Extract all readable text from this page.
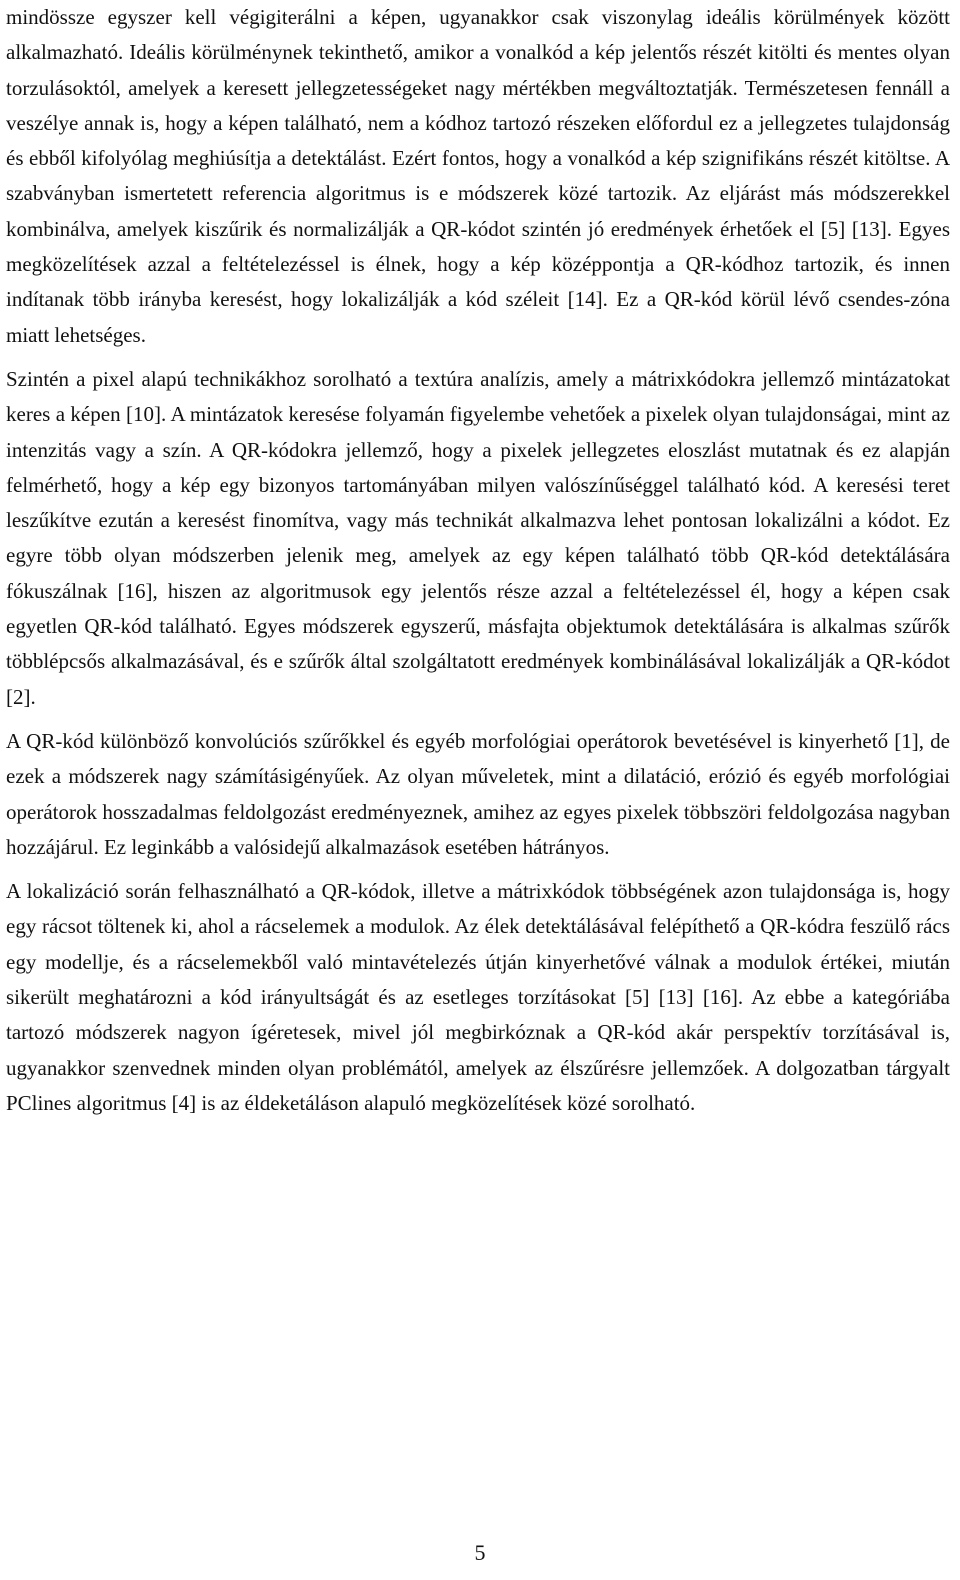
mindössze egyszer kell végigiterálni a képen, ugyanakkor csak viszonylag ideális körülmények között alkalmazható. Ideális körülménynek tekinthető, amikor a vonalkód a kép jelentős részét kitölti és mentes olyan torzulásoktól, amelyek a keresett jellegzetességeket nagy mértékben megváltoztatják. Természetesen fennáll a veszélye annak is, hogy a képen található, nem a kódhoz tartozó részeken előfordul ez a jellegzetes tulajdonság és ebből kifolyólag meghiúsítja a detektálást. Ezért fontos, hogy a vonalkód a kép szignifikáns részét kitöltse. A szabványban ismertetett referencia algoritmus is e módszerek közé tartozik. Az eljárást más módszerekkel kombinálva, amelyek kiszűrik és normalizálják a QR-kódot szintén jó eredmények érhetőek el [5] [13]. Egyes megközelítések azzal a feltételezéssel is élnek, hogy a kép középpontja a QR-kódhoz tartozik, és innen indítanak több irányba keresést, hogy lokalizálják a kód széleit [14]. Ez a QR-kód körül lévő csendes-zóna miatt lehetséges.

Szintén a pixel alapú technikákhoz sorolható a textúra analízis, amely a mátrixkódokra jellemző mintázatokat keres a képen [10]. A mintázatok keresése folyamán figyelembe vehetőek a pixelek olyan tulajdonságai, mint az intenzitás vagy a szín. A QR-kódokra jellemző, hogy a pixelek jellegzetes eloszlást mutatnak és ez alapján felmérhető, hogy a kép egy bizonyos tartományában milyen valószínűséggel található kód. A keresési teret leszűkítve ezután a keresést finomítva, vagy más technikát alkalmazva lehet pontosan lokalizálni a kódot. Ez egyre több olyan módszerben jelenik meg, amelyek az egy képen található több QR-kód detektálására fókuszálnak [16], hiszen az algoritmusok egy jelentős része azzal a feltételezéssel él, hogy a képen csak egyetlen QR-kód található. Egyes módszerek egyszerű, másfajta objektumok detektálására is alkalmas szűrők többlépcsős alkalmazásával, és e szűrők által szolgáltatott eredmények kombinálásával lokalizálják a QR-kódot [2].

A QR-kód különböző konvolúciós szűrőkkel és egyéb morfológiai operátorok bevetésével is kinyerhető [1], de ezek a módszerek nagy számításigényűek. Az olyan műveletek, mint a dilatáció, erózió és egyéb morfológiai operátorok hosszadalmas feldolgozást eredményeznek, amihez az egyes pixelek többszöri feldolgozása nagyban hozzájárul. Ez leginkább a valósidejű alkalmazások esetében hátrányos.

A lokalizáció során felhasználható a QR-kódok, illetve a mátrixkódok többségének azon tulajdonsága is, hogy egy rácsot töltenek ki, ahol a rácselemek a modulok. Az élek detektálásával felépíthető a QR-kódra feszülő rács egy modellje, és a rácselemekből való mintavételezés útján kinyerhetővé válnak a modulok értékei, miután sikerült meghatározni a kód irányultságát és az esetleges torzításokat [5] [13] [16]. Az ebbe a kategóriába tartozó módszerek nagyon ígéretesek, mivel jól megbirkóznak a QR-kód akár perspektív torzításával is, ugyanakkor szenvednek minden olyan problémától, amelyek az élszűrésre jellemzőek. A dolgozatban tárgyalt PClines algoritmus [4] is az éldeketáláson alapuló megközelítések közé sorolható.

5
